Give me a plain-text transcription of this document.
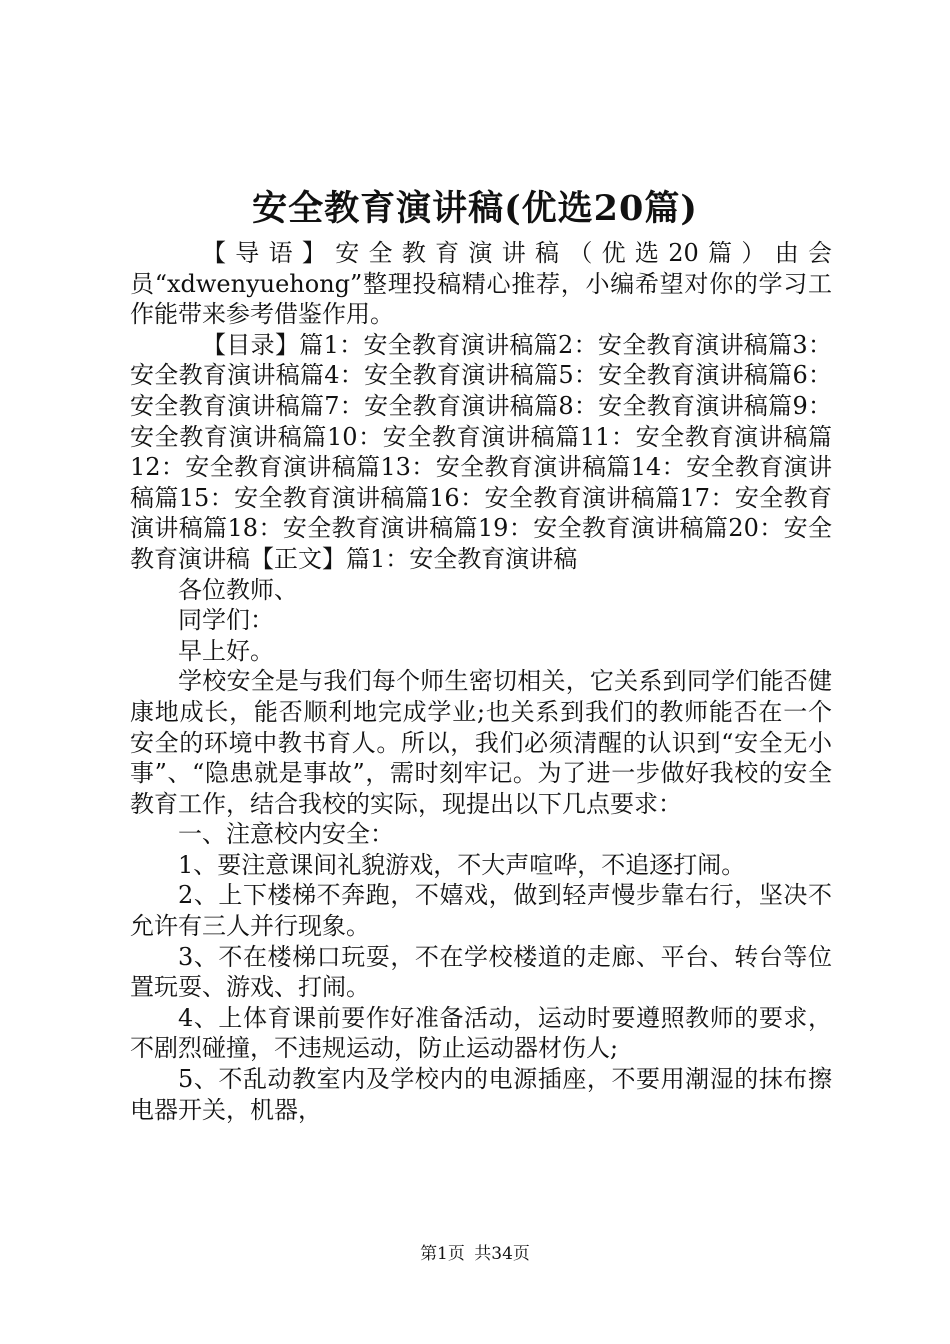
安全教育演讲稿(优选20篇)

【导语】安全教育演讲稿（优选20篇）由会员“xdwenyuehong”整理投稿精心推荐，小编希望对你的学习工作能带来参考借鉴作用。

【目录】篇1：安全教育演讲稿篇2：安全教育演讲稿篇3：安全教育演讲稿篇4：安全教育演讲稿篇5：安全教育演讲稿篇6：安全教育演讲稿篇7：安全教育演讲稿篇8：安全教育演讲稿篇9：安全教育演讲稿篇10：安全教育演讲稿篇11：安全教育演讲稿篇12：安全教育演讲稿篇13：安全教育演讲稿篇14：安全教育演讲稿篇15：安全教育演讲稿篇16：安全教育演讲稿篇17：安全教育演讲稿篇18：安全教育演讲稿篇19：安全教育演讲稿篇20：安全教育演讲稿【正文】篇1：安全教育演讲稿

各位教师、

同学们：

早上好。

学校安全是与我们每个师生密切相关，它关系到同学们能否健康地成长，能否顺利地完成学业;也关系到我们的教师能否在一个安全的环境中教书育人。所以，我们必须清醒的认识到“安全无小事”、“隐患就是事故”，需时刻牢记。为了进一步做好我校的安全教育工作，结合我校的实际，现提出以下几点要求：

一、注意校内安全：

1、要注意课间礼貌游戏，不大声喧哗，不追逐打闹。

2、上下楼梯不奔跑，不嬉戏，做到轻声慢步靠右行，坚决不允许有三人并行现象。

3、不在楼梯口玩耍，不在学校楼道的走廊、平台、转台等位置玩耍、游戏、打闹。

4、上体育课前要作好准备活动，运动时要遵照教师的要求，不剧烈碰撞，不违规运动，防止运动器材伤人;

5、不乱动教室内及学校内的电源插座，不要用潮湿的抹布擦电器开关，机器，

第1页 共34页
